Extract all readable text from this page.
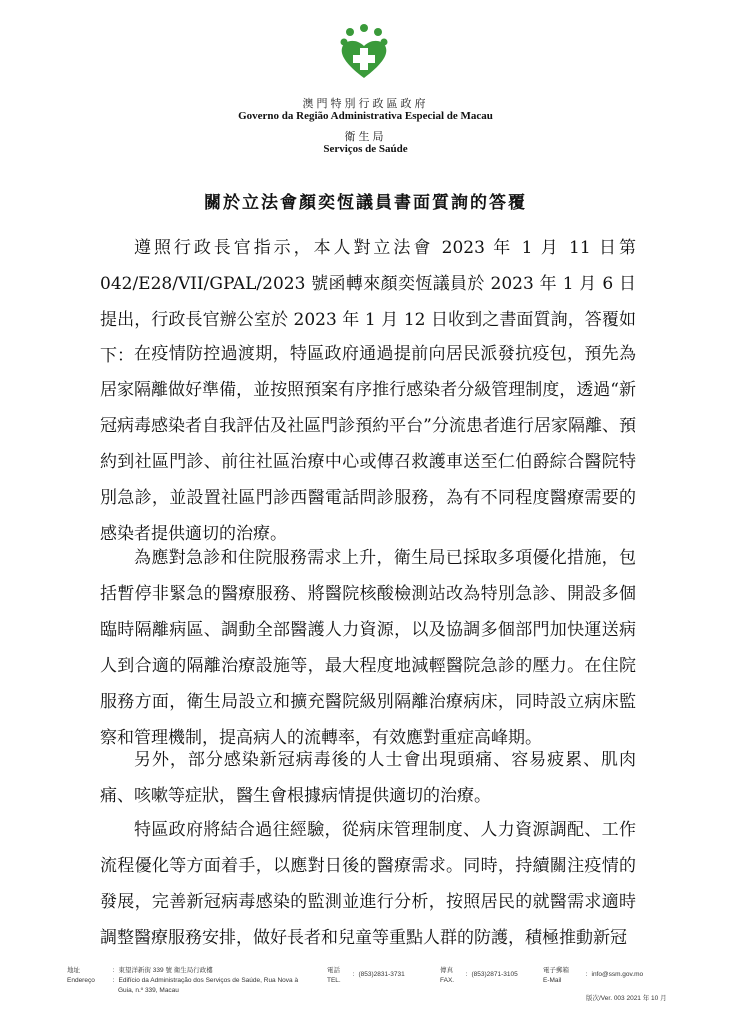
澳門特別行政區政府
Governo da Região Administrativa Especial de Macau
衛生局
Serviços de Saúde
關於立法會顏奕恆議員書面質詢的答覆
遵照行政長官指示，本人對立法會 2023 年 1 月 11 日第 042/E28/VII/GPAL/2023 號函轉來顏奕恆議員於 2023 年 1 月 6 日提出，行政長官辦公室於 2023 年 1 月 12 日收到之書面質詢，答覆如下： 在疫情防控過渡期，特區政府通過提前向居民派發抗疫包，預先為居家隔離做好準備，並按照預案有序推行感染者分級管理制度，透過“新冠病毒感染者自我評估及社區門診預約平台”分流患者進行居家隔離、預約到社區門診、前往社區治療中心或傳召救護車送至仁伯爵綜合醫院特別急診，並設置社區門診西醫電話問診服務，為有不同程度醫療需要的感染者提供適切的治療。
為應對急診和住院服務需求上升，衛生局已採取多項優化措施，包括暫停非緊急的醫療服務、將醫院核酸檢測站改為特別急診、開設多個臨時隔離病區、調動全部醫護人力資源，以及協調多個部門加快運送病人到合適的隔離治療設施等，最大程度地減輕醫院急診的壓力。在住院服務方面，衛生局設立和擴充醫院級別隔離治療病床，同時設立病床監察和管理機制，提高病人的流轉率，有效應對重症高峰期。
另外，部分感染新冠病毒後的人士會出現頭痛、容易疲累、肌肉痛、咳嗽等症狀，醫生會根據病情提供適切的治療。
特區政府將結合過往經驗，從病床管理制度、人力資源調配、工作流程優化等方面着手，以應對日後的醫療需求。同時，持續關注疫情的發展，完善新冠病毒感染的監測並進行分析，按照居民的就醫需求適時調整醫療服務安排，做好長者和兒童等重點人群的防護，積極推動新冠
地址
Endereço
：東望洋新街 339 號 衛生局行政樓
：Edifício da Administração dos Serviços de Saúde, Rua Nova à
Guia, n.º 339, Macau
電話
TEL.
：(853)2831-3731
傳真
FAX.
：(853)2871-3105
電子郵箱
E-Mail
：info@ssm.gov.mo
版次/Ver. 003 2021 年 10 月
